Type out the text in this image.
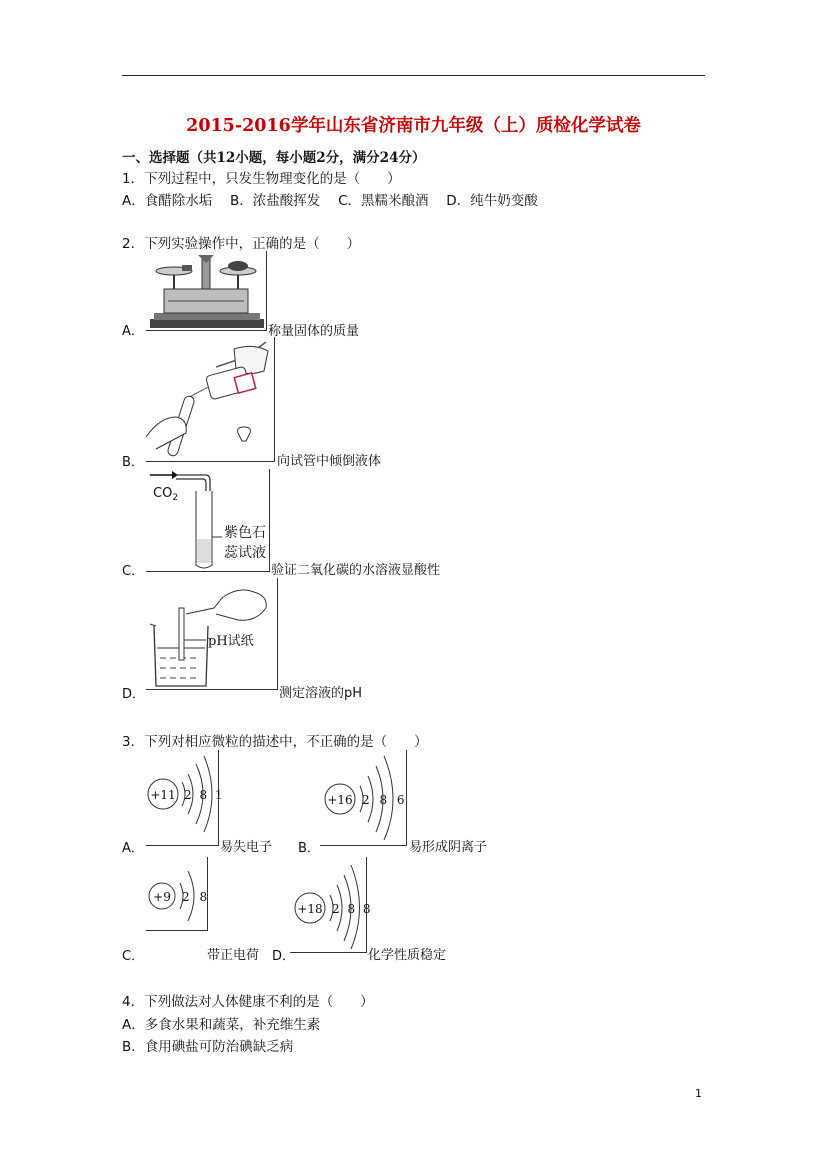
2015-2016学年山东省济南市九年级（上）质检化学试卷
一、选择题（共12小题，每小题2分，满分24分）
1．下列过程中，只发生物理变化的是（　　）
A．食醋除水垢　 B．浓盐酸挥发　 C．黑糯米酿酒　 D．纯牛奶变酸
2．下列实验操作中，正确的是（　　）
A．	称量固体的质量
B．	向试管中倾倒液体
$CO_2$
紫色石
蕊试液
C．	验证二氧化碳的水溶液显酸性
pH试纸
D．	测定溶液的pH
3．下列对相应微粒的描述中，不正确的是（　　）
+11 2 8 1
A．	易失电子
+16 2 8 6
B．	易形成阴离子
+9 2 8
C．	带正电荷 D．
+18 2 8 8
化学性质稳定
4．下列做法对人体健康不利的是（　　）
A．多食水果和蔬菜，补充维生素
B．食用碘盐可防治碘缺乏病
1
